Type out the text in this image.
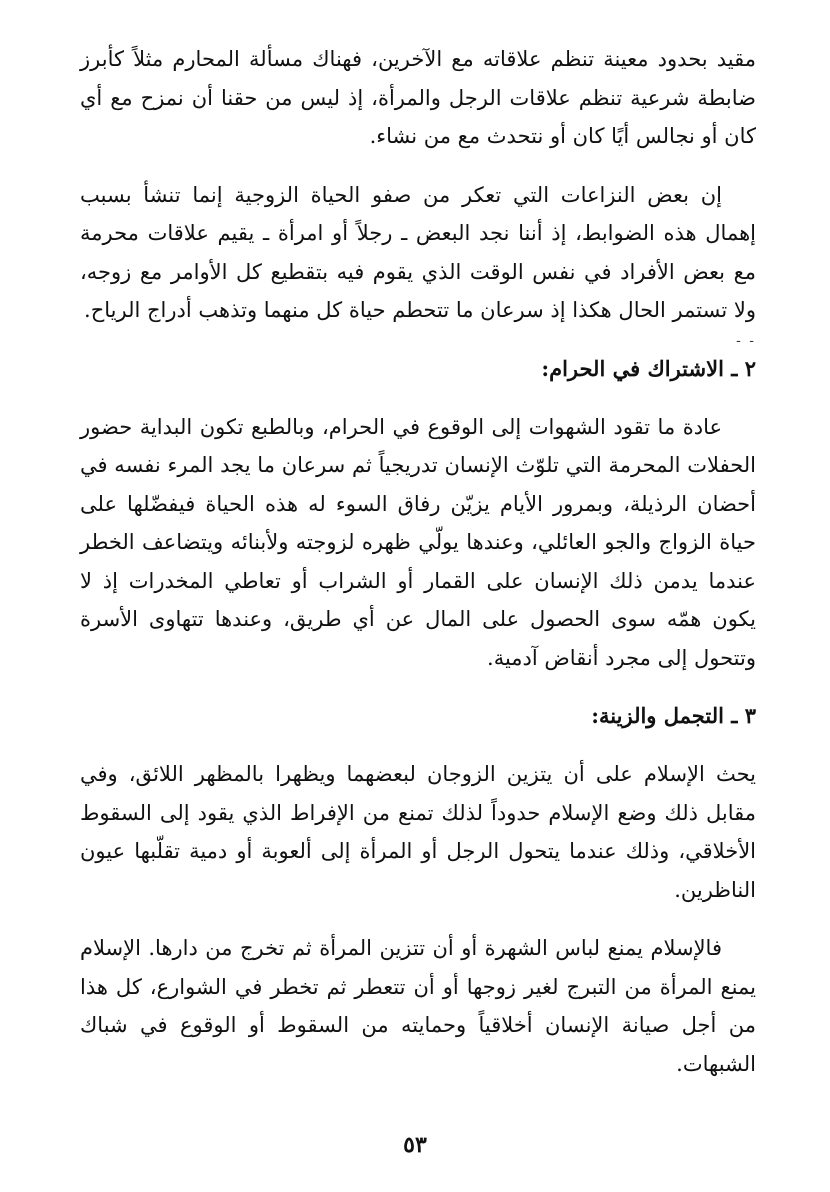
مقيد بحدود معينة تنظم علاقاته مع الآخرين، فهناك مسألة المحارم مثلاً كأبرز ضابطة شرعية تنظم علاقات الرجل والمرأة، إذ ليس من حقنا أن نمزح مع أي كان أو نجالس أيًا كان أو نتحدث مع من نشاء.

إن بعض النزاعات التي تعكر من صفو الحياة الزوجية إنما تنشأ بسبب إهمال هذه الضوابط، إذ أننا نجد البعض ـ رجلاً أو امرأة ـ يقيم علاقات محرمة مع بعض الأفراد في نفس الوقت الذي يقوم فيه بتقطيع كل الأوامر مع زوجه، ولا تستمر الحال هكذا إذ سرعان ما تتحطم حياة كل منهما وتذهب أدراج الرياح.

- -
٢ ـ الاشتراك في الحرام:

عادة ما تقود الشهوات إلى الوقوع في الحرام، وبالطبع تكون البداية حضور الحفلات المحرمة التي تلوّث الإنسان تدريجياً ثم سرعان ما يجد المرء نفسه في أحضان الرذيلة، وبمرور الأيام يزيّن رفاق السوء له هذه الحياة فيفضّلها على حياة الزواج والجو العائلي، وعندها يولّي ظهره لزوجته ولأبنائه ويتضاعف الخطر عندما يدمن ذلك الإنسان على القمار أو الشراب أو تعاطي المخدرات إذ لا يكون همّه سوى الحصول على المال عن أي طريق، وعندها تتهاوى الأسرة وتتحول إلى مجرد أنقاض آدمية.

٣ ـ التجمل والزينة:

يحث الإسلام على أن يتزين الزوجان لبعضهما ويظهرا بالمظهر اللائق، وفي مقابل ذلك وضع الإسلام حدوداً لذلك تمنع من الإفراط الذي يقود إلى السقوط الأخلاقي، وذلك عندما يتحول الرجل أو المرأة إلى ألعوبة أو دمية تقلّبها عيون الناظرين.

فالإسلام يمنع لباس الشهرة أو أن تتزين المرأة ثم تخرج من دارها. الإسلام يمنع المرأة من التبرج لغير زوجها أو أن تتعطر ثم تخطر في الشوارع، كل هذا من أجل صيانة الإنسان أخلاقياً وحمايته من السقوط أو الوقوع في شباك الشبهات.

٥٣
